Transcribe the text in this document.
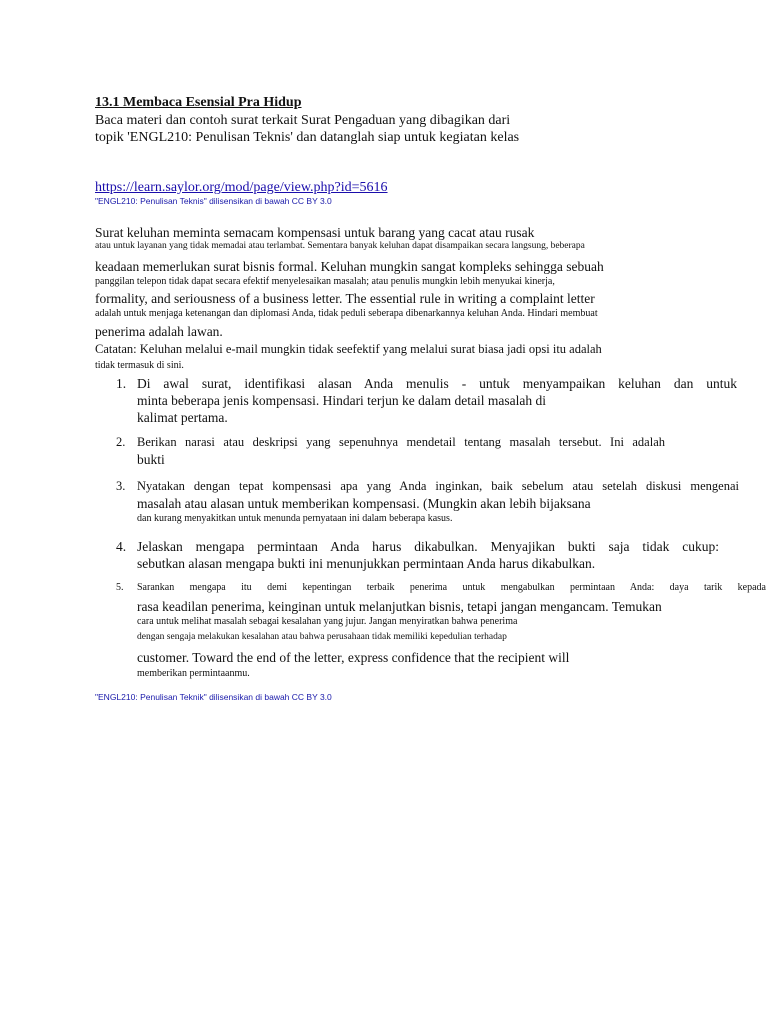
13.1 Membaca Esensial Pra Hidup
Baca materi dan contoh surat terkait Surat Pengaduan yang dibagikan dari
topik 'ENGL210: Penulisan Teknis' dan datanglah siap untuk kegiatan kelas
https://learn.saylor.org/mod/page/view.php?id=5616
"ENGL210: Penulisan Teknis" dilisensikan di bawah CC BY 3.0
Surat keluhan meminta semacam kompensasi untuk barang yang cacat atau rusak
atau untuk layanan yang tidak memadai atau terlambat. Sementara banyak keluhan dapat disampaikan secara langsung, beberapa
keadaan memerlukan surat bisnis formal. Keluhan mungkin sangat kompleks sehingga sebuah
panggilan telepon tidak dapat secara efektif menyelesaikan masalah; atau penulis mungkin lebih menyukai kinerja,
formality, and seriousness of a business letter. The essential rule in writing a complaint letter
adalah untuk menjaga ketenangan dan diplomasi Anda, tidak peduli seberapa dibenarkannya keluhan Anda. Hindari membuat
penerima adalah lawan.
Catatan: Keluhan melalui e-mail mungkin tidak seefektif yang melalui surat biasa jadi opsi itu adalah
tidak termasuk di sini.
1. Di awal surat, identifikasi alasan Anda menulis - untuk menyampaikan keluhan dan untuk
minta beberapa jenis kompensasi. Hindari terjun ke dalam detail masalah di
kalimat pertama.
2. Berikan narasi atau deskripsi yang sepenuhnya mendetail tentang masalah tersebut. Ini adalah
bukti
3. Nyatakan dengan tepat kompensasi apa yang Anda inginkan, baik sebelum atau setelah diskusi mengenai
masalah atau alasan untuk memberikan kompensasi. (Mungkin akan lebih bijaksana
dan kurang menyakitkan untuk menunda pernyataan ini dalam beberapa kasus.
4. Jelaskan mengapa permintaan Anda harus dikabulkan. Menyajikan bukti saja tidak cukup:
sebutkan alasan mengapa bukti ini menunjukkan permintaan Anda harus dikabulkan.
5. Sarankan mengapa itu demi kepentingan terbaik penerima untuk mengabulkan permintaan Anda: daya tarik kepada
rasa keadilan penerima, keinginan untuk melanjutkan bisnis, tetapi jangan mengancam. Temukan
cara untuk melihat masalah sebagai kesalahan yang jujur. Jangan menyiratkan bahwa penerima
dengan sengaja melakukan kesalahan atau bahwa perusahaan tidak memiliki kepedulian terhadap
customer. Toward the end of the letter, express confidence that the recipient will
memberikan permintaanmu.
"ENGL210: Penulisan Teknik" dilisensikan di bawah CC BY 3.0
